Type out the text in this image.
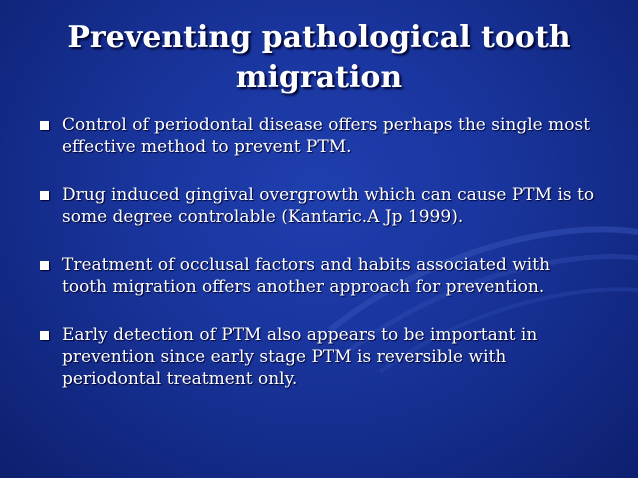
Preventing pathological tooth migration
Control of periodontal disease offers perhaps the single most effective method to prevent PTM.
Drug induced gingival overgrowth which can cause PTM is to some degree controlable (Kantaric.A Jp 1999).
Treatment of occlusal factors and habits associated with tooth migration offers another approach for prevention.
Early detection of PTM also appears to be important in prevention since early stage PTM is reversible with periodontal treatment only.
